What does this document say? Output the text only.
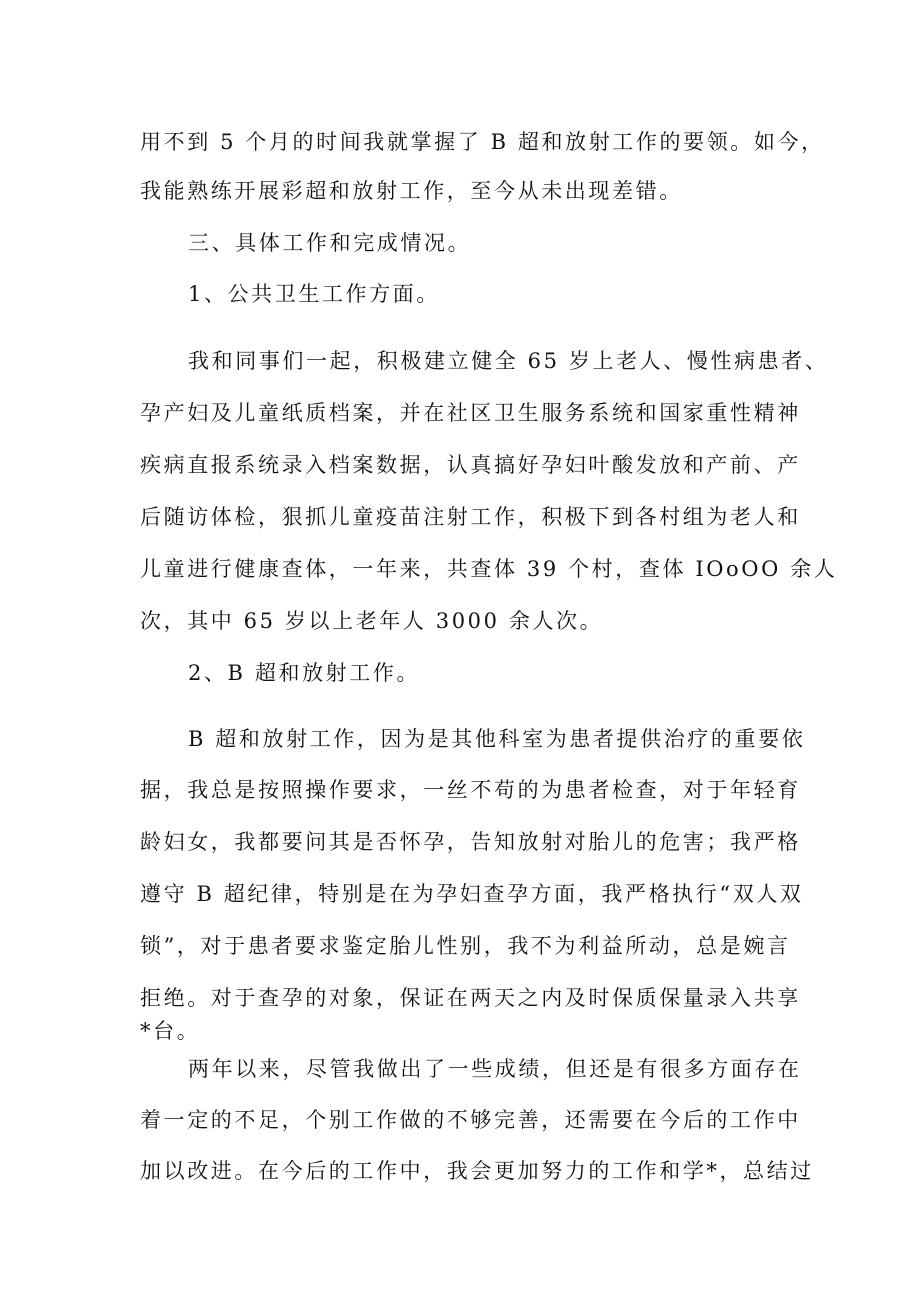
用不到 5 个月的时间我就掌握了 B 超和放射工作的要领。如今，
我能熟练开展彩超和放射工作，至今从未出现差错。
三、具体工作和完成情况。
1、公共卫生工作方面。
我和同事们一起，积极建立健全 65 岁上老人、慢性病患者、
孕产妇及儿童纸质档案，并在社区卫生服务系统和国家重性精神
疾病直报系统录入档案数据，认真搞好孕妇叶酸发放和产前、产
后随访体检，狠抓儿童疫苗注射工作，积极下到各村组为老人和
儿童进行健康查体，一年来，共查体 39 个村，查体 IOoOO 余人
次，其中 65 岁以上老年人 3000 余人次。
2、B 超和放射工作。
B 超和放射工作，因为是其他科室为患者提供治疗的重要依
据，我总是按照操作要求，一丝不苟的为患者检查，对于年轻育
龄妇女，我都要问其是否怀孕，告知放射对胎儿的危害；我严格
遵守 B 超纪律，特别是在为孕妇查孕方面，我严格执行“双人双
锁”，对于患者要求鉴定胎儿性别，我不为利益所动，总是婉言
拒绝。对于查孕的对象，保证在两天之内及时保质保量录入共享
*台。
两年以来，尽管我做出了一些成绩，但还是有很多方面存在
着一定的不足，个别工作做的不够完善，还需要在今后的工作中
加以改进。在今后的工作中，我会更加努力的工作和学*，总结过
